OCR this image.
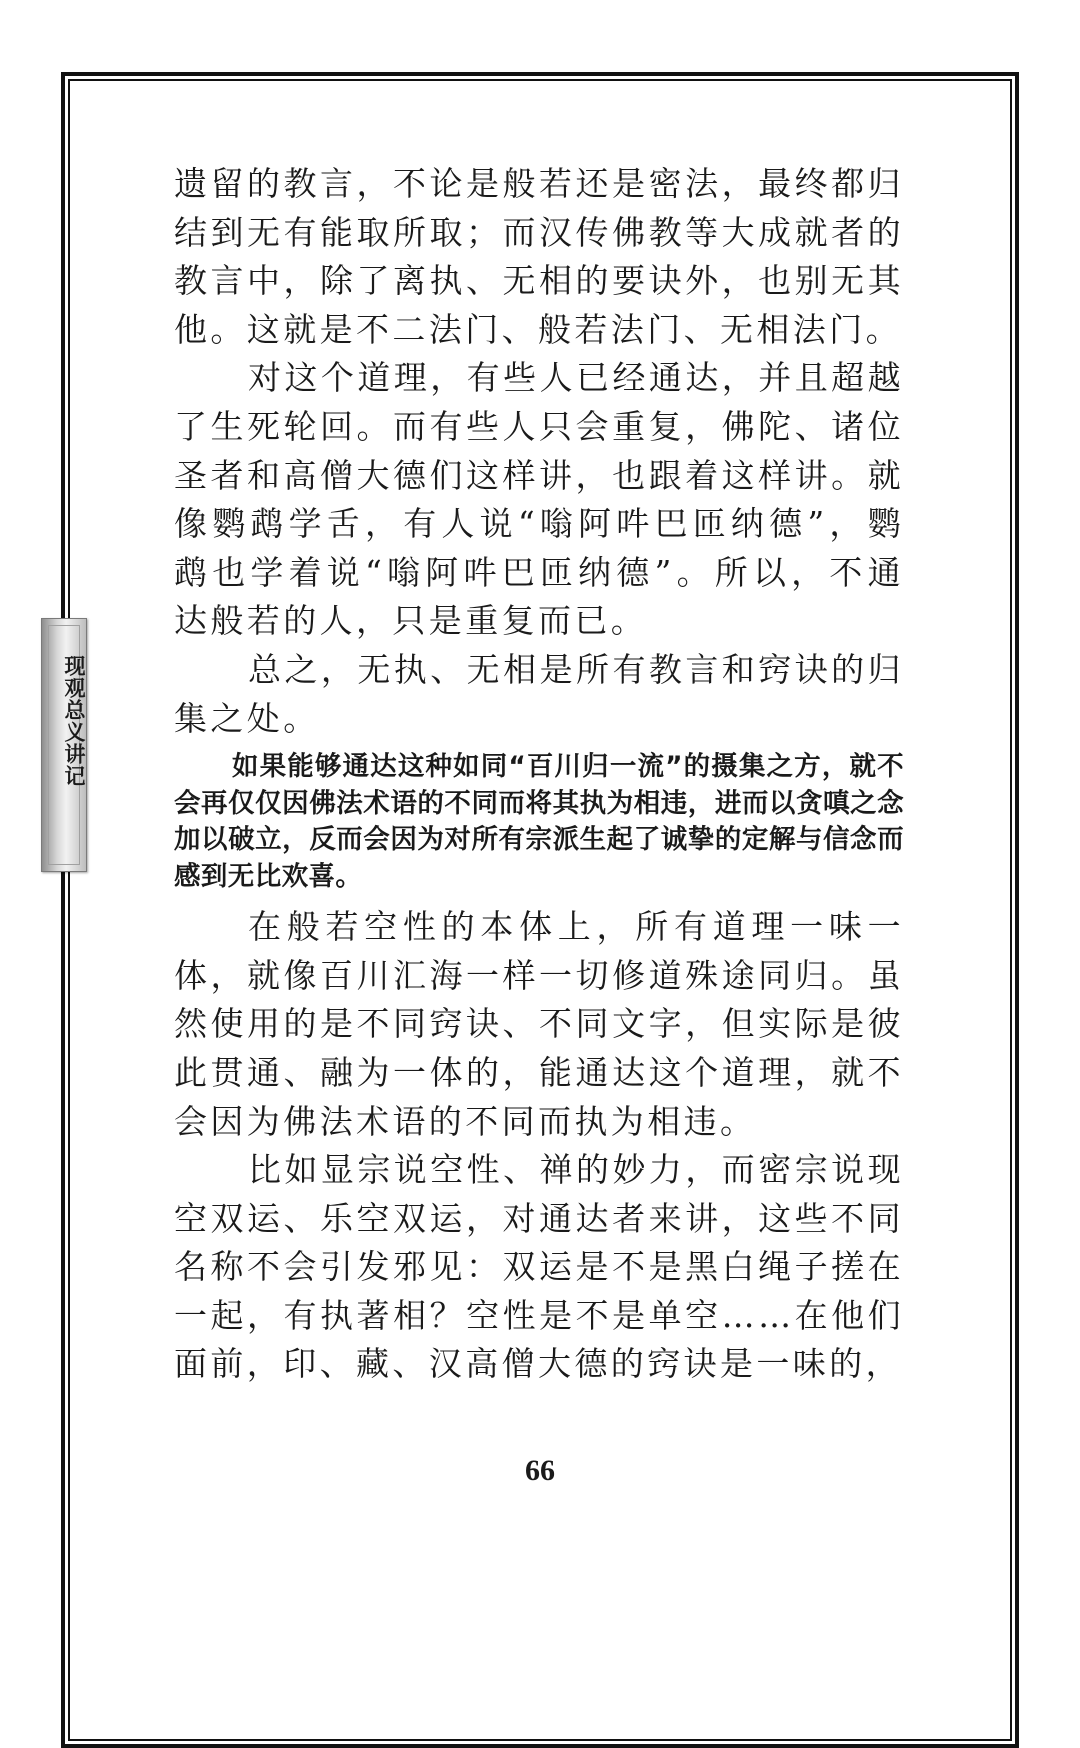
现观总义讲记

遗留的教言，不论是般若还是密法，最终都归结到无有能取所取；而汉传佛教等大成就者的教言中，除了离执、无相的要诀外，也别无其他。这就是不二法门、般若法门、无相法门。

对这个道理，有些人已经通达，并且超越了生死轮回。而有些人只会重复，佛陀、诸位圣者和高僧大德们这样讲，也跟着这样讲。就像鹦鹉学舌，有人说“嗡阿吽巴匝纳德”，鹦鹉也学着说“嗡阿吽巴匝纳德”。所以，不通达般若的人，只是重复而已。

总之，无执、无相是所有教言和窍诀的归集之处。

如果能够通达这种如同“百川归一流”的摄集之方，就不会再仅仅因佛法术语的不同而将其执为相违，进而以贪嗔之念加以破立，反而会因为对所有宗派生起了诚挚的定解与信念而感到无比欢喜。

在般若空性的本体上，所有道理一味一体，就像百川汇海一样一切修道殊途同归。虽然使用的是不同窍诀、不同文字，但实际是彼此贯通、融为一体的，能通达这个道理，就不会因为佛法术语的不同而执为相违。

比如显宗说空性、禅的妙力，而密宗说现空双运、乐空双运，对通达者来讲，这些不同名称不会引发邪见：双运是不是黑白绳子搓在一起，有执著相？空性是不是单空……在他们面前，印、藏、汉高僧大德的窍诀是一味的，

66
